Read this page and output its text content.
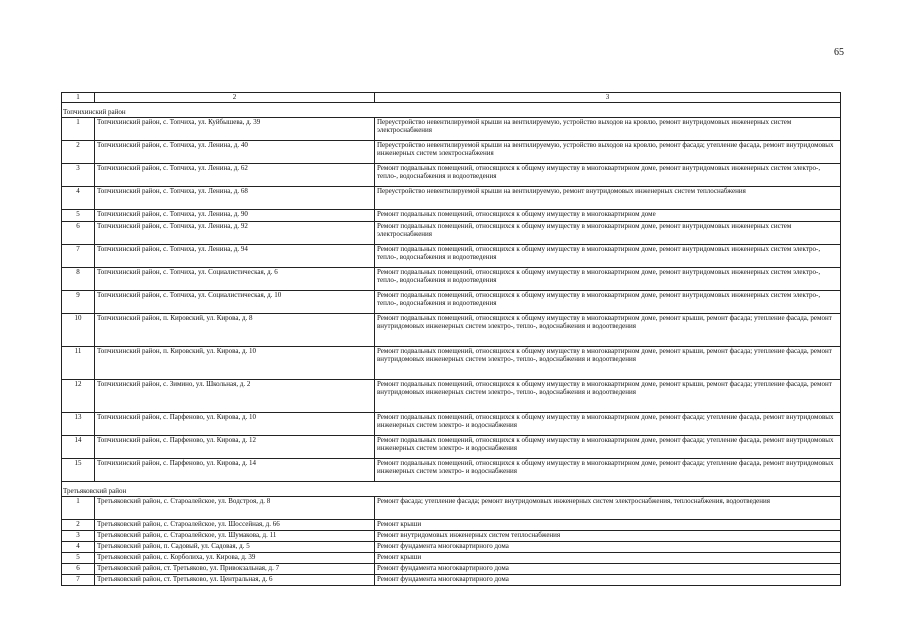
65
1	2	3
Топчихинский район		
1	Топчихинский район, с. Топчиха, ул. Куйбышева, д. 39	Переустройство невентилируемой крыши на вентилируемую, устройство выходов на кровлю, ремонт внутридомовых инженерных систем электроснабжения
2	Топчихинский район, с. Топчиха, ул. Ленина, д. 40	Переустройство невентилируемой крыши на вентилируемую, устройство выходов на кровлю, ремонт фасада; утепление фасада, ремонт внутридомовых инженерных систем электроснабжения
3	Топчихинский район, с. Топчиха, ул. Ленина, д. 62	Ремонт подвальных помещений, относящихся к общему имуществу в многоквартирном доме, ремонт внутридомовых инженерных систем электро-, тепло-, водоснабжения и водоотведения
4	Топчихинский район, с. Топчиха, ул. Ленина, д. 68	Переустройство невентилируемой крыши на вентилируемую, ремонт внутридомовых инженерных систем теплоснабжения
5	Топчихинский район, с. Топчиха, ул. Ленина, д. 90	Ремонт подвальных помещений, относящихся к общему имуществу в многоквартирном доме
6	Топчихинский район, с. Топчиха, ул. Ленина, д. 92	Ремонт подвальных помещений, относящихся к общему имуществу в многоквартирном доме, ремонт внутридомовых инженерных систем электроснабжения
7	Топчихинский район, с. Топчиха, ул. Ленина, д. 94	Ремонт подвальных помещений, относящихся к общему имуществу в многоквартирном доме, ремонт внутридомовых инженерных систем электро-, тепло-, водоснабжения и водоотведения
8	Топчихинский район, с. Топчиха, ул. Социалистическая, д. 6	Ремонт подвальных помещений, относящихся к общему имуществу в многоквартирном доме, ремонт внутридомовых инженерных систем электро-, тепло-, водоснабжения и водоотведения
9	Топчихинский район, с. Топчиха, ул. Социалистическая, д. 10	Ремонт подвальных помещений, относящихся к общему имуществу в многоквартирном доме, ремонт внутридомовых инженерных систем электро-, тепло-, водоснабжения и водоотведения
10	Топчихинский район, п. Кировский, ул. Кирова, д. 8	Ремонт подвальных помещений, относящихся к общему имуществу в многоквартирном доме, ремонт крыши, ремонт фасада; утепление фасада, ремонт внутридомовых инженерных систем электро-, тепло-, водоснабжения и водоотведения
11	Топчихинский район, п. Кировский, ул. Кирова, д. 10	Ремонт подвальных помещений, относящихся к общему имуществу в многоквартирном доме, ремонт крыши, ремонт фасада; утепление фасада, ремонт внутридомовых инженерных систем электро-, тепло-, водоснабжения и водоотведения
12	Топчихинский район, с. Зимино, ул. Школьная, д. 2	Ремонт подвальных помещений, относящихся к общему имуществу в многоквартирном доме, ремонт крыши, ремонт фасада; утепление фасада, ремонт внутридомовых инженерных систем электро-, тепло-, водоснабжения и водоотведения
13	Топчихинский район, с. Парфеново, ул. Кирова, д. 10	Ремонт подвальных помещений, относящихся к общему имуществу в многоквартирном доме, ремонт фасада; утепление фасада, ремонт внутридомовых инженерных систем электро- и водоснабжения
14	Топчихинский район, с. Парфеново, ул. Кирова, д. 12	Ремонт подвальных помещений, относящихся к общему имуществу в многоквартирном доме, ремонт фасада; утепление фасада, ремонт внутридомовых инженерных систем электро- и водоснабжения
15	Топчихинский район, с. Парфеново, ул. Кирова, д. 14	Ремонт подвальных помещений, относящихся к общему имуществу в многоквартирном доме, ремонт фасада; утепление фасада, ремонт внутридомовых инженерных систем электро- и водоснабжения
Третьяковский район		
1	Третьяковский район, с. Староалейское, ул. Водстрoя, д. 8	Ремонт фасада; утепление фасада; ремонт внутридомовых инженерных систем электроснабжения, теплоснабжения, водоотведения
2	Третьяковский район, с. Староалейское, ул. Шоссейная, д. 66	Ремонт крыши
3	Третьяковский район, с. Староалейское, ул. Шумакова, д. 11	Ремонт внутридомовых инженерных систем теплоснабжения
4	Третьяковский район, п. Садовый, ул. Садовая, д. 5	Ремонт фундамента многоквартирного дома
5	Третьяковский район, с. Корболиха, ул. Кирова, д. 39	Ремонт крыши
6	Третьяковский район, ст. Третьяково, ул. Привокзальная, д. 7	Ремонт фундамента многоквартирного дома
7	Третьяковский район, ст. Третьяково, ул. Центральная, д. 6	Ремонт фундамента многоквартирного дома
